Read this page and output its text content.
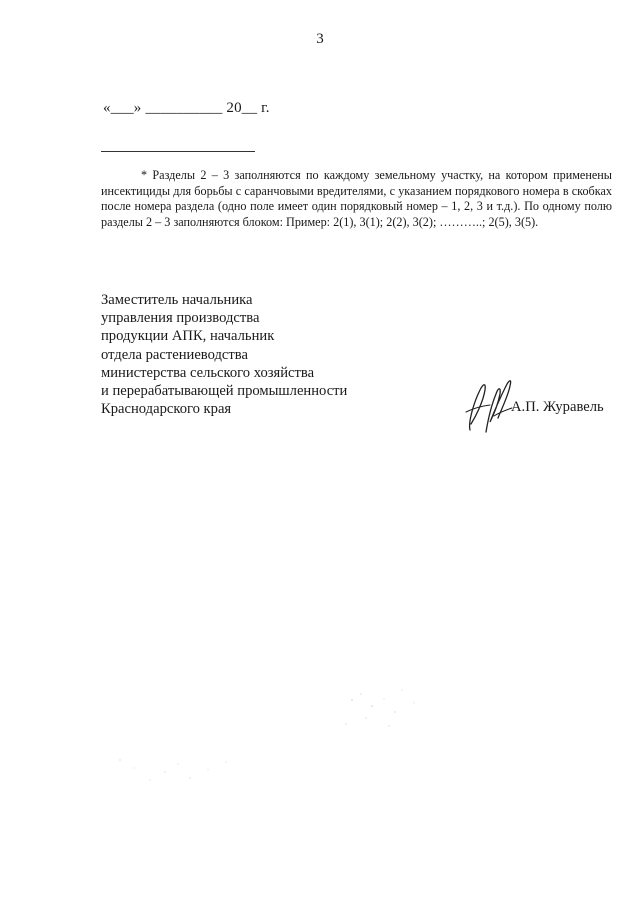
3
«___» __________ 20__ г.
* Разделы 2 – 3 заполняются по каждому земельному участку, на котором применены инсектициды для борьбы с саранчовыми вредителями, с указанием порядкового номера в скобках после номера раздела (одно поле имеет один порядковый номер – 1, 2, 3 и т.д.). По одному полю разделы 2 – 3 заполняются блоком: Пример: 2(1), 3(1); 2(2), 3(2); ………..; 2(5), 3(5).
Заместитель начальника
управления производства
продукции АПК, начальник
отдела растениеводства
министерства сельского хозяйства
и перерабатывающей промышленности
Краснодарского края	А.П. Журавель
